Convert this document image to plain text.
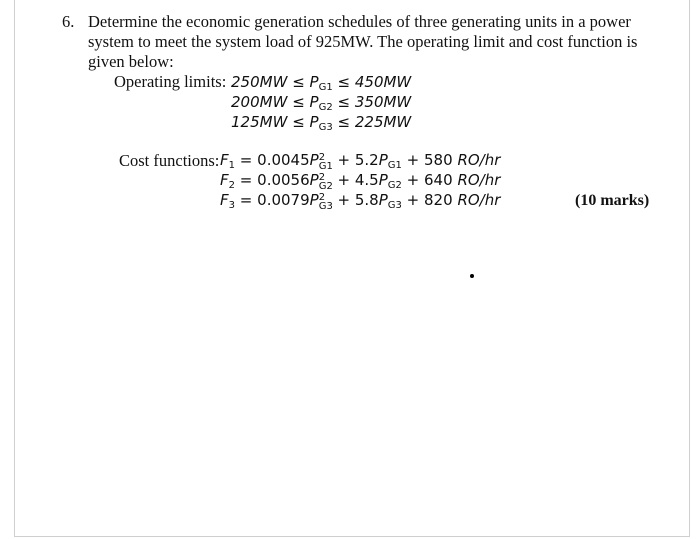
6. Determine the economic generation schedules of three generating units in a power system to meet the system load of 925MW. The operating limit and cost function is given below:
Operating limits: $250MW \le P_{G1} \le 450MW$
$200MW \le P_{G2} \le 350MW$
$125MW \le P_{G3} \le 225MW$
Cost functions: $F_1 = 0.0045P$ 2
$G1 + 5.2P_{G1} + 580$ RO/hr
$F_2 = 0.0056P$ 2
$G2 + 4.5P_{G2} + 640$ RO/hr
$F_3 = 0.0079P$ 2
$G3 + 5.8P_{G3} + 820$ RO/hr	(10 marks)
